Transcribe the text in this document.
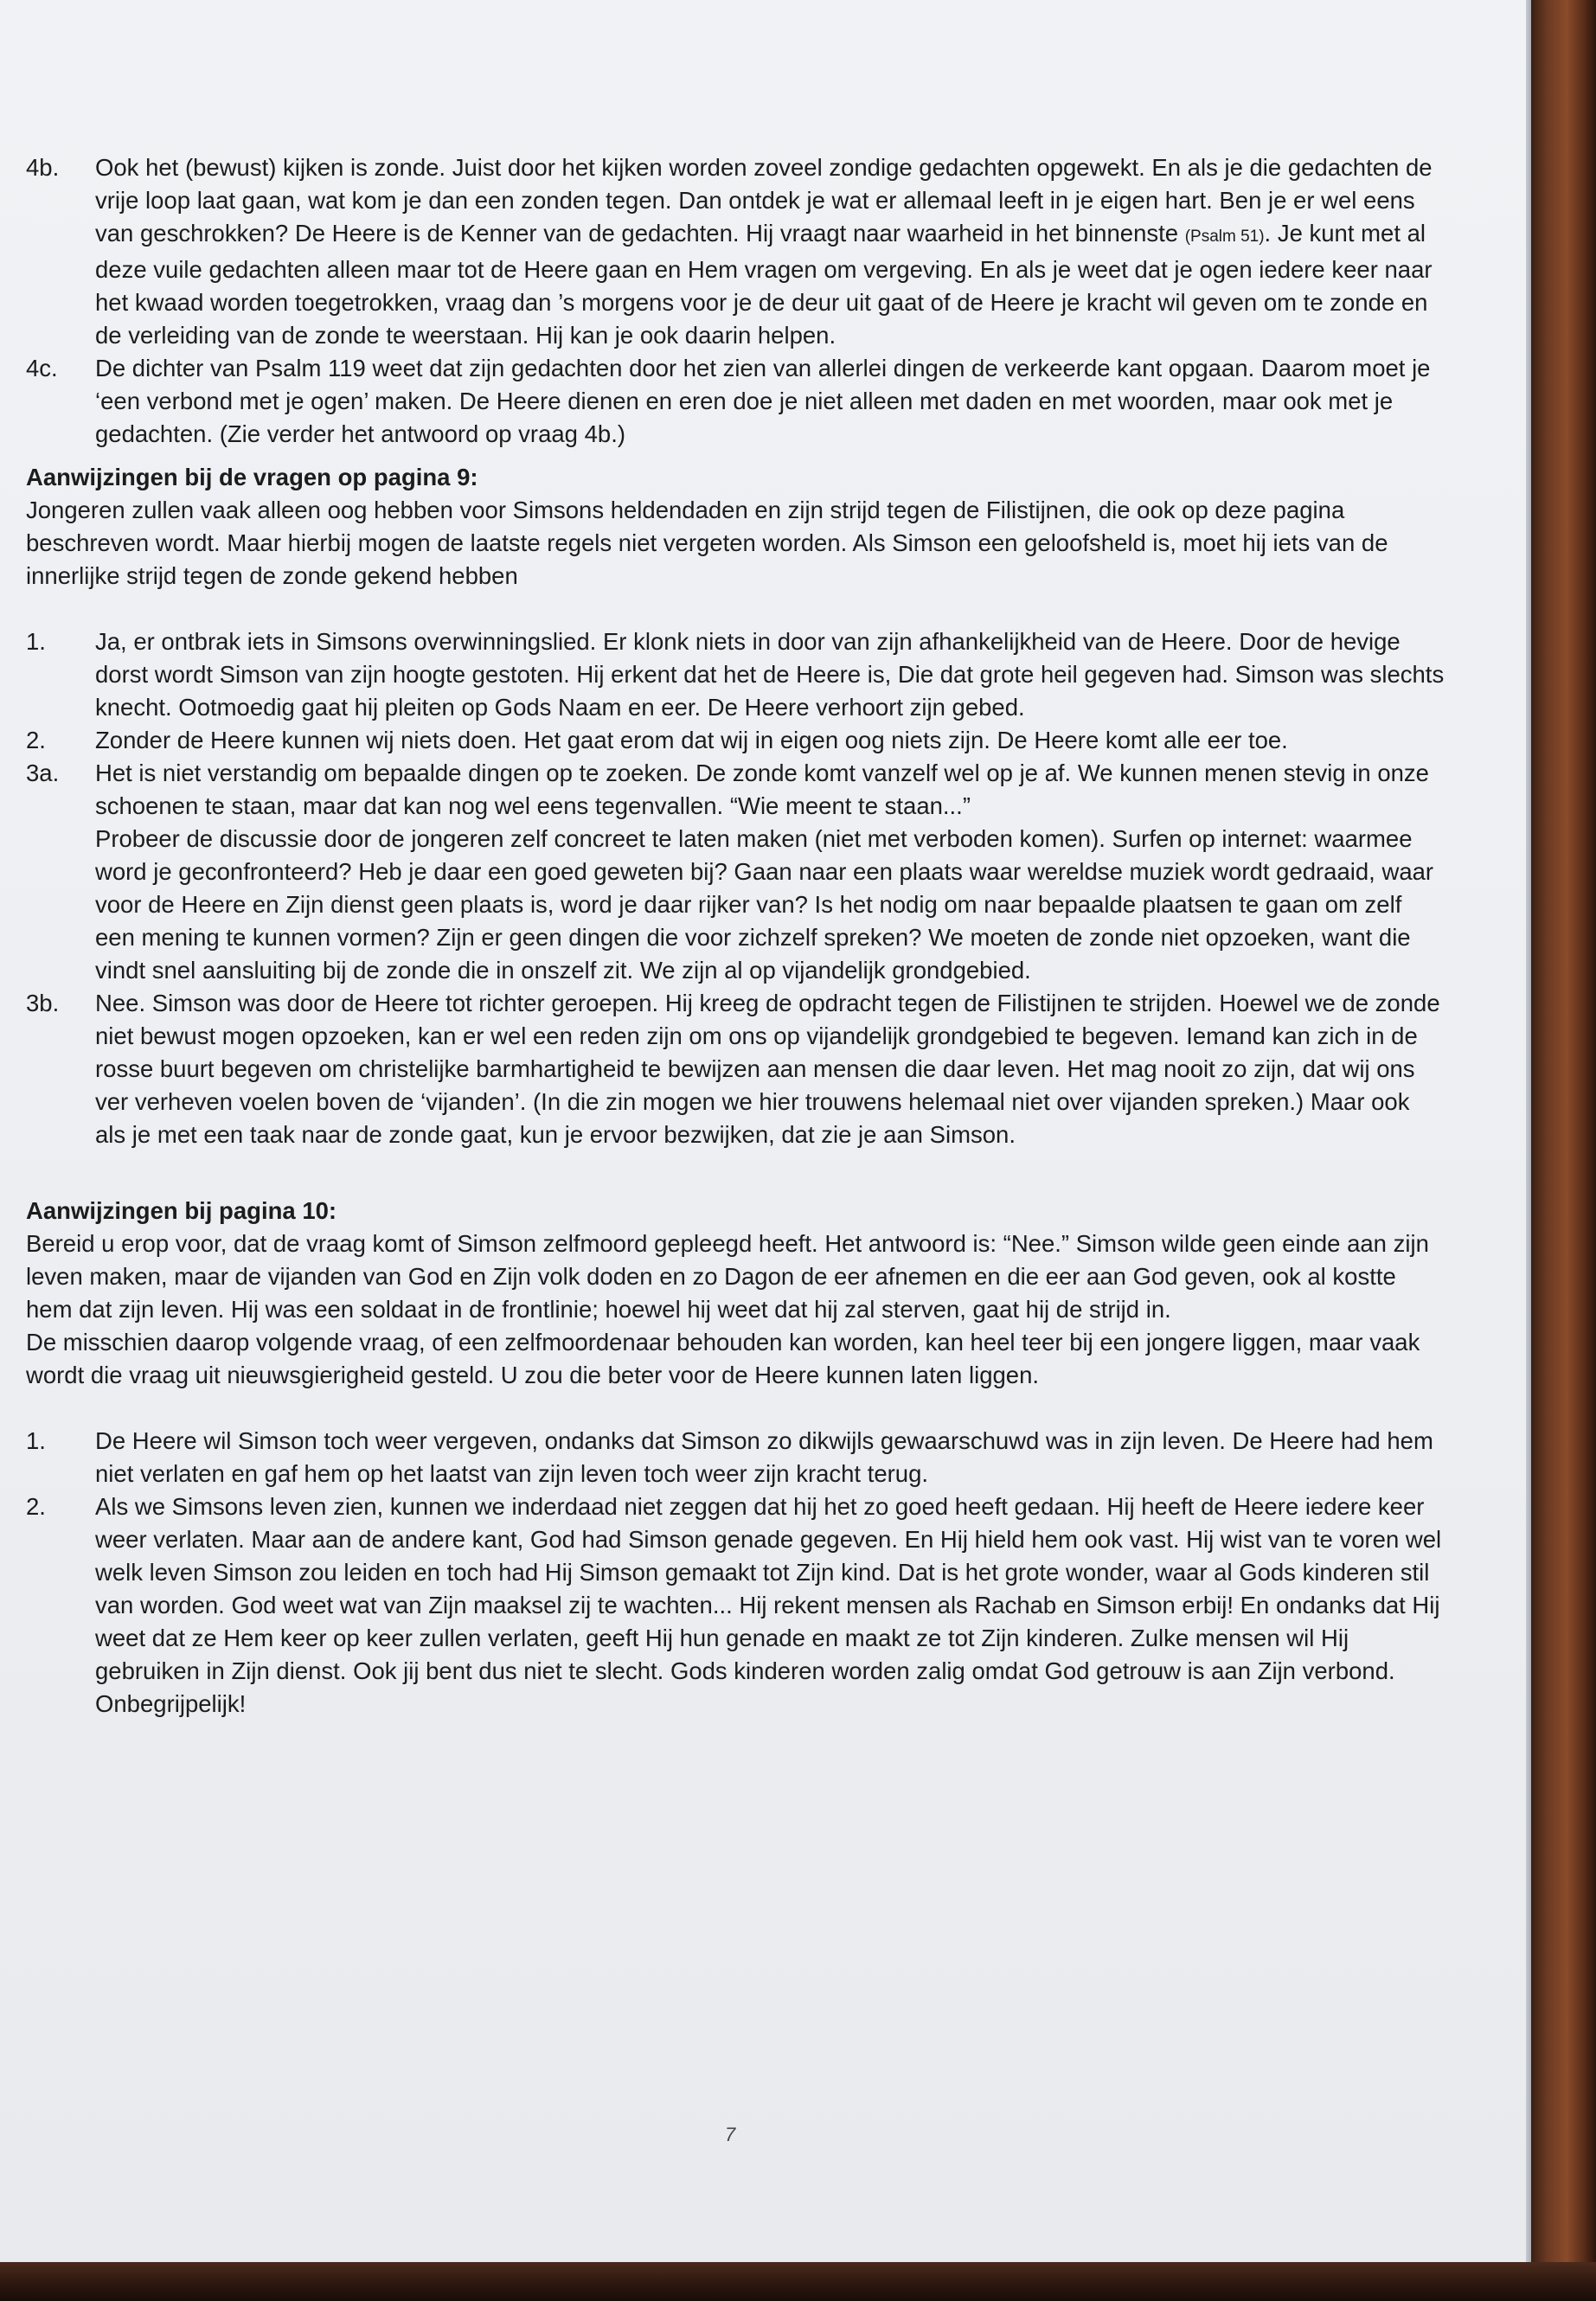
4b.	Ook het (bewust) kijken is zonde. Juist door het kijken worden zoveel zondige gedachten opgewekt. En als je die gedachten de vrije loop laat gaan, wat kom je dan een zonden tegen. Dan ontdek je wat er allemaal leeft in je eigen hart. Ben je er wel eens van geschrokken? De Heere is de Kenner van de gedachten. Hij vraagt naar waarheid in het binnenste (Psalm 51). Je kunt met al deze vuile gedachten alleen maar tot de Heere gaan en Hem vragen om vergeving. En als je weet dat je ogen iedere keer naar het kwaad worden toegetrokken, vraag dan ’s morgens voor je de deur uit gaat of de Heere je kracht wil geven om te zonde en de verleiding van de zonde te weerstaan. Hij kan je ook daarin helpen.
4c.	De dichter van Psalm 119 weet dat zijn gedachten door het zien van allerlei dingen de verkeerde kant opgaan. Daarom moet je ‘een verbond met je ogen’ maken. De Heere dienen en eren doe je niet alleen met daden en met woorden, maar ook met je gedachten. (Zie verder het antwoord op vraag 4b.)
Aanwijzingen bij de vragen op pagina 9:
Jongeren zullen vaak alleen oog hebben voor Simsons heldendaden en zijn strijd tegen de Filistijnen, die ook op deze pagina beschreven wordt. Maar hierbij mogen de laatste regels niet vergeten worden. Als Simson een geloofsheld is, moet hij iets van de innerlijke strijd tegen de zonde gekend hebben
1.	Ja, er ontbrak iets in Simsons overwinningslied. Er klonk niets in door van zijn afhankelijkheid van de Heere. Door de hevige dorst wordt Simson van zijn hoogte gestoten. Hij erkent dat het de Heere is, Die dat grote heil gegeven had. Simson was slechts knecht. Ootmoedig gaat hij pleiten op Gods Naam en eer. De Heere verhoort zijn gebed.
2.	Zonder de Heere kunnen wij niets doen. Het gaat erom dat wij in eigen oog niets zijn. De Heere komt alle eer toe.
3a.	Het is niet verstandig om bepaalde dingen op te zoeken. De zonde komt vanzelf wel op je af. We kunnen menen stevig in onze schoenen te staan, maar dat kan nog wel eens tegenvallen. “Wie meent te staan...”
Probeer de discussie door de jongeren zelf concreet te laten maken (niet met verboden komen). Surfen op internet: waarmee word je geconfronteerd? Heb je daar een goed geweten bij? Gaan naar een plaats waar wereldse muziek wordt gedraaid, waar voor de Heere en Zijn dienst geen plaats is, word je daar rijker van? Is het nodig om naar bepaalde plaatsen te gaan om zelf een mening te kunnen vormen? Zijn er geen dingen die voor zichzelf spreken? We moeten de zonde niet opzoeken, want die vindt snel aansluiting bij de zonde die in onszelf zit. We zijn al op vijandelijk grondgebied.
3b.	Nee. Simson was door de Heere tot richter geroepen. Hij kreeg de opdracht tegen de Filistijnen te strijden. Hoewel we de zonde niet bewust mogen opzoeken, kan er wel een reden zijn om ons op vijandelijk grondgebied te begeven. Iemand kan zich in de rosse buurt begeven om christelijke barmhartigheid te bewijzen aan mensen die daar leven. Het mag nooit zo zijn, dat wij ons ver verheven voelen boven de ‘vijanden’. (In die zin mogen we hier trouwens helemaal niet over vijanden spreken.) Maar ook als je met een taak naar de zonde gaat, kun je ervoor bezwijken, dat zie je aan Simson.
Aanwijzingen bij pagina 10:
Bereid u erop voor, dat de vraag komt of Simson zelfmoord gepleegd heeft. Het antwoord is: “Nee.” Simson wilde geen einde aan zijn leven maken, maar de vijanden van God en Zijn volk doden en zo Dagon de eer afnemen en die eer aan God geven, ook al kostte hem dat zijn leven. Hij was een soldaat in de frontlinie; hoewel hij weet dat hij zal sterven, gaat hij de strijd in.
De misschien daarop volgende vraag, of een zelfmoordenaar behouden kan worden, kan heel teer bij een jongere liggen, maar vaak wordt die vraag uit nieuwsgierigheid gesteld. U zou die beter voor de Heere kunnen laten liggen.
1.	De Heere wil Simson toch weer vergeven, ondanks dat Simson zo dikwijls gewaarschuwd was in zijn leven. De Heere had hem niet verlaten en gaf hem op het laatst van zijn leven toch weer zijn kracht terug.
2.	Als we Simsons leven zien, kunnen we inderdaad niet zeggen dat hij het zo goed heeft gedaan. Hij heeft de Heere iedere keer weer verlaten. Maar aan de andere kant, God had Simson genade gegeven. En Hij hield hem ook vast. Hij wist van te voren wel welk leven Simson zou leiden en toch had Hij Simson gemaakt tot Zijn kind. Dat is het grote wonder, waar al Gods kinderen stil van worden. God weet wat van Zijn maaksel zij te wachten... Hij rekent mensen als Rachab en Simson erbij! En ondanks dat Hij weet dat ze Hem keer op keer zullen verlaten, geeft Hij hun genade en maakt ze tot Zijn kinderen. Zulke mensen wil Hij gebruiken in Zijn dienst. Ook jij bent dus niet te slecht. Gods kinderen worden zalig omdat God getrouw is aan Zijn verbond. Onbegrijpelijk!
7
